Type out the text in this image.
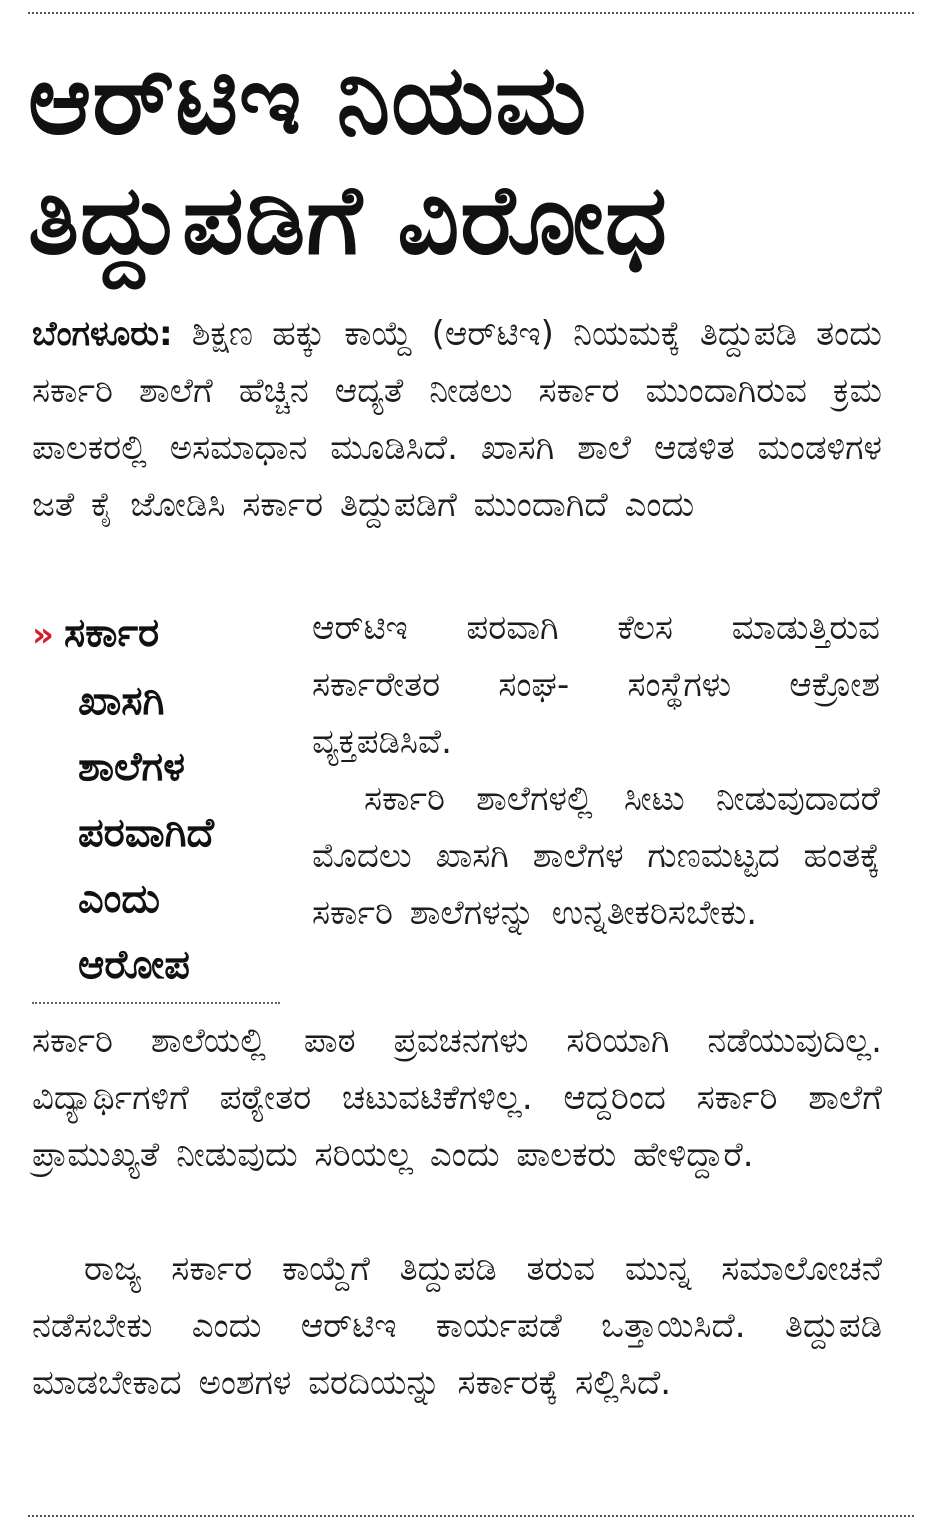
ಆರ್‌ಟಿಇ ನಿಯಮ
ತಿದ್ದುಪಡಿಗೆ ವಿರೋಧ

ಬೆಂಗಳೂರು: ಶಿಕ್ಷಣ ಹಕ್ಕು ಕಾಯ್ದೆ (ಆರ್‌ಟಿಇ) ನಿಯಮಕ್ಕೆ ತಿದ್ದುಪಡಿ ತಂದು ಸರ್ಕಾರಿ ಶಾಲೆಗೆ ಹೆಚ್ಚಿನ ಆದ್ಯತೆ ನೀಡಲು ಸರ್ಕಾರ ಮುಂದಾಗಿರುವ ಕ್ರಮ ಪಾಲಕರಲ್ಲಿ ಅಸಮಾಧಾನ ಮೂಡಿಸಿದೆ. ಖಾಸಗಿ ಶಾಲೆ ಆಡಳಿತ ಮಂಡಳಿಗಳ ಜತೆ ಕೈ ಜೋಡಿಸಿ ಸರ್ಕಾರ ತಿದ್ದುಪಡಿಗೆ ಮುಂದಾಗಿದೆ ಎಂದು

» ಸರ್ಕಾರ
ಖಾಸಗಿ
ಶಾಲೆಗಳ
ಪರವಾಗಿದೆ
ಎಂದು
ಆರೋಪ

ಆರ್‌ಟಿಇ ಪರವಾಗಿ ಕೆಲಸ ಮಾಡುತ್ತಿರುವ ಸರ್ಕಾರೇತರ ಸಂಘ- ಸಂಸ್ಥೆಗಳು ಆಕ್ರೋಶ ವ್ಯಕ್ತಪಡಿಸಿವೆ.

ಸರ್ಕಾರಿ ಶಾಲೆಗಳಲ್ಲಿ ಸೀಟು ನೀಡುವುದಾದರೆ ಮೊದಲು ಖಾಸಗಿ ಶಾಲೆಗಳ ಗುಣಮಟ್ಟದ ಹಂತಕ್ಕೆ ಸರ್ಕಾರಿ ಶಾಲೆಗಳನ್ನು ಉನ್ನತೀಕರಿಸಬೇಕು.

ಸರ್ಕಾರಿ ಶಾಲೆಯಲ್ಲಿ ಪಾಠ ಪ್ರವಚನಗಳು ಸರಿಯಾಗಿ ನಡೆಯುವುದಿಲ್ಲ. ವಿದ್ಯಾರ್ಥಿಗಳಿಗೆ ಪಠ್ಯೇತರ ಚಟುವಟಿಕೆಗಳಿಲ್ಲ. ಆದ್ದರಿಂದ ಸರ್ಕಾರಿ ಶಾಲೆಗೆ ಪ್ರಾಮುಖ್ಯತೆ ನೀಡುವುದು ಸರಿಯಲ್ಲ ಎಂದು ಪಾಲಕರು ಹೇಳಿದ್ದಾರೆ.

ರಾಜ್ಯ ಸರ್ಕಾರ ಕಾಯ್ದೆಗೆ ತಿದ್ದುಪಡಿ ತರುವ ಮುನ್ನ ಸಮಾಲೋಚನೆ ನಡೆಸಬೇಕು ಎಂದು ಆರ್‌ಟಿಇ ಕಾರ್ಯಪಡೆ ಒತ್ತಾಯಿಸಿದೆ. ತಿದ್ದುಪಡಿ ಮಾಡಬೇಕಾದ ಅಂಶಗಳ ವರದಿಯನ್ನು ಸರ್ಕಾರಕ್ಕೆ ಸಲ್ಲಿಸಿದೆ.
